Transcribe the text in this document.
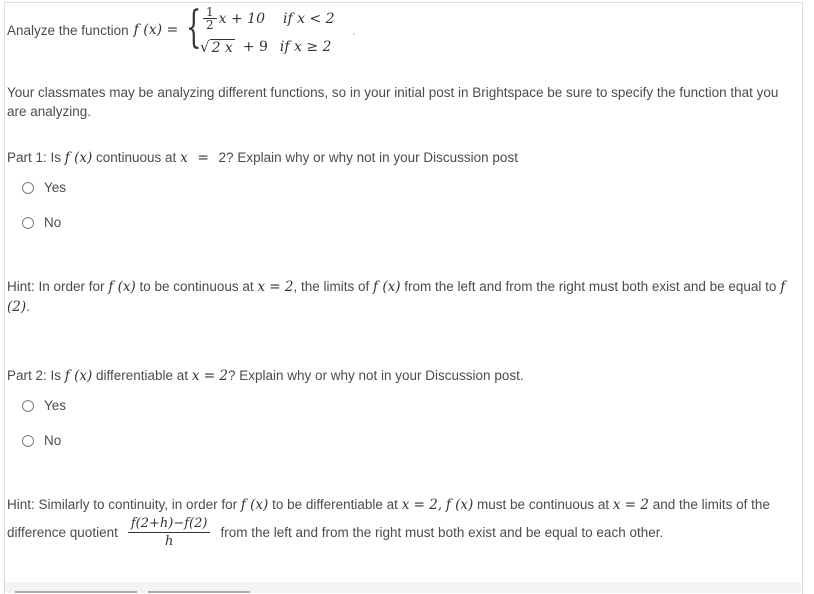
Analyze the function f (x) = { $\frac{1}{2}$ x + 10 if x < 2
√ 2 x + 9 if x ≥ 2
.
Your classmates may be analyzing different functions, so in your initial post in Brightspace be sure to specify the function that you are analyzing.
Part 1: Is f (x) continuous at x = 2? Explain why or why not in your Discussion post
Yes
No
Hint: In order for f (x) to be continuous at x = 2, the limits of f (x) from the left and from the right must both exist and be equal to f (2).
Part 2: Is f (x) differentiable at x = 2? Explain why or why not in your Discussion post.
Yes
No
Hint: Similarly to continuity, in order for f (x) to be differentiable at x = 2, f (x) must be continuous at x = 2 and the limits of the
difference quotient $\frac{f(2+h)-f(2)}{h}$ from the left and from the right must both exist and be equal to each other.
